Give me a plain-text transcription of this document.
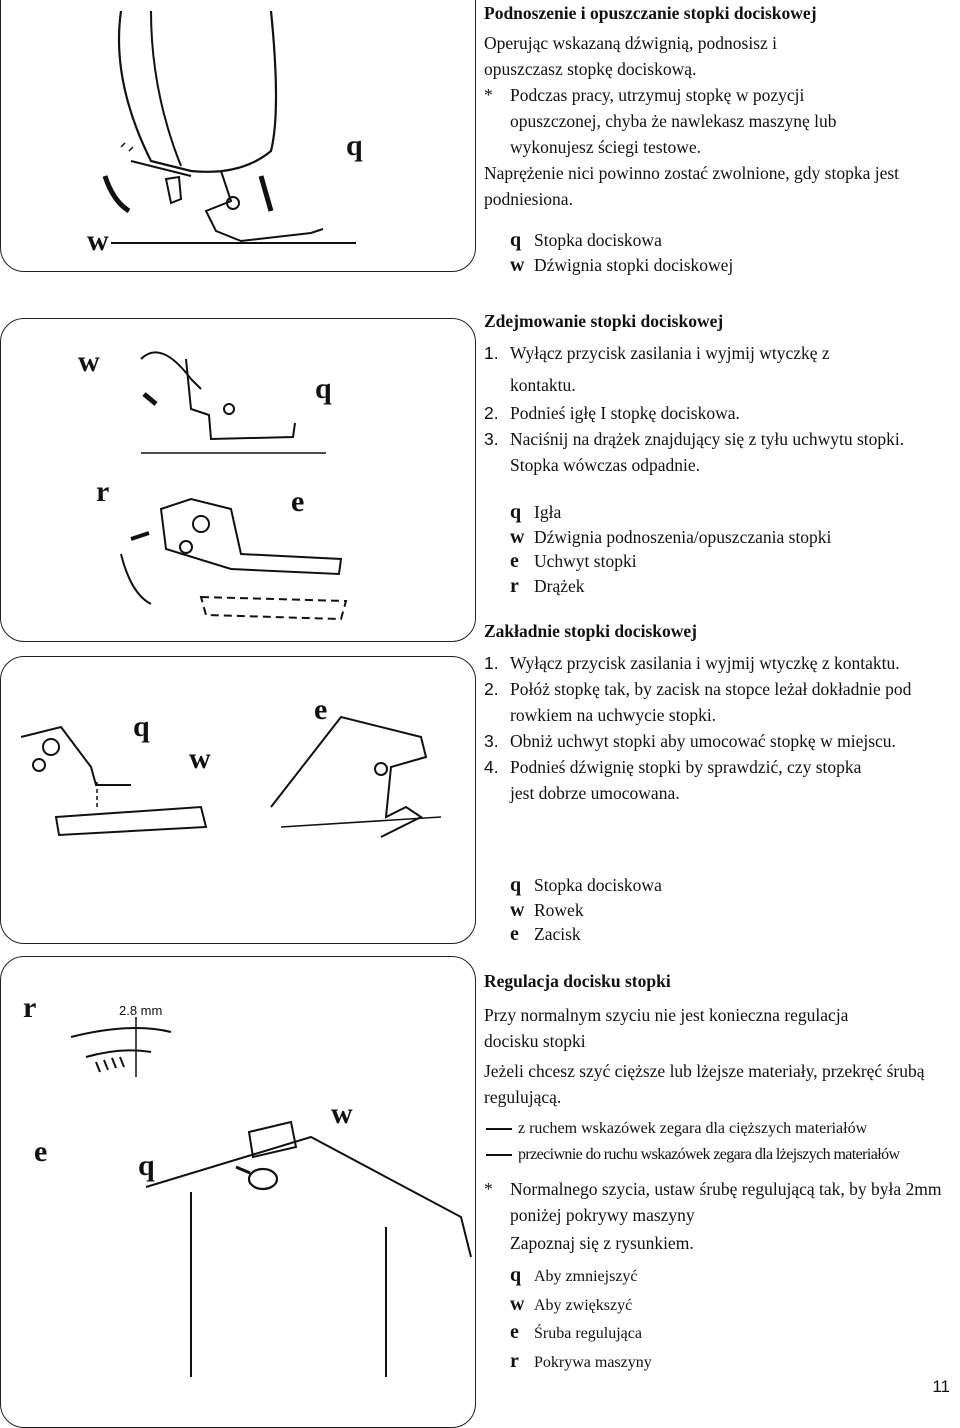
q
w
w
q
r	e
q
w
e
r
e	q
w
2.8 mm

Podnoszenie i opuszczanie stopki dociskowej

Operując wskazaną dźwignią, podnosisz i opuszczasz stopkę dociskową.

* Podczas pracy, utrzymuj stopkę w pozycji opuszczonej, chyba że nawlekasz maszynę lub wykonujesz ściegi testowe.

Naprężenie nici powinno zostać zwolnione, gdy stopka jest podniesiona.

q Stopka dociskowa
w Dźwignia stopki dociskowej

Zdejmowanie stopki dociskowej

1. Wyłącz przycisk zasilania i wyjmij wtyczkę z

kontaktu.

2. Podnieś igłę I stopkę dociskowa.

3. Naciśnij na drążek znajdujący się z tyłu uchwytu stopki. Stopka wówczas odpadnie.

q Igła
w Dźwignia podnoszenia/opuszczania stopki
e Uchwyt stopki
r Drążek

Zakładnie stopki dociskowej

1. Wyłącz przycisk zasilania i wyjmij wtyczkę z kontaktu.

2. Połóż stopkę tak, by zacisk na stopce leżał dokładnie pod rowkiem na uchwycie stopki.

3. Obniż uchwyt stopki aby umocować stopkę w miejscu.

4. Podnieś dźwignię stopki by sprawdzić, czy stopka jest dobrze umocowana.

q Stopka dociskowa
w Rowek
e Zacisk

Regulacja docisku stopki

Przy normalnym szyciu nie jest konieczna regulacja docisku stopki

Jeżeli chcesz szyć cięższe lub lżejsze materiały, przekręć śrubą regulującą.

z ruchem wskazówek zegara dla cięższych materiałów

przeciwnie do ruchu wskazówek zegara dla lżejszych materiałów

* Normalnego szycia, ustaw śrubę regulującą tak, by była 2mm poniżej pokrywy maszyny

Zapoznaj się z rysunkiem.

q Aby zmniejszyć
w Aby zwiększyć
e Śruba regulująca
r Pokrywa maszyny
11
